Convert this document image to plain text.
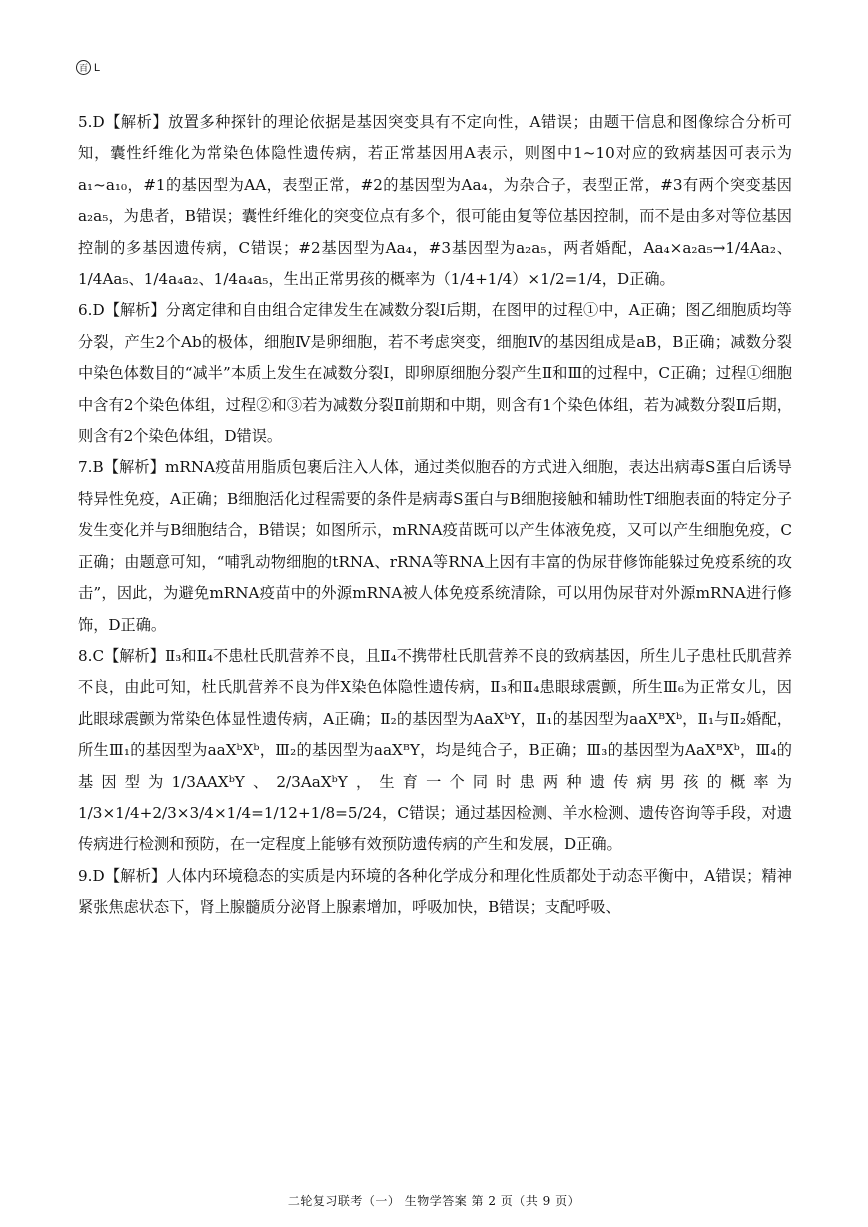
百 L

5.D【解析】放置多种探针的理论依据是基因突变具有不定向性，A错误；由题干信息和图像综合分析可知，囊性纤维化为常染色体隐性遗传病，若正常基因用A表示，则图中1~10对应的致病基因可表示为a₁~a₁₀，#1的基因型为AA，表型正常，#2的基因型为Aa₄，为杂合子，表型正常，#3有两个突变基因a₂a₅，为患者，B错误；囊性纤维化的突变位点有多个，很可能由复等位基因控制，而不是由多对等位基因控制的多基因遗传病，C错误；#2基因型为Aa₄，#3基因型为a₂a₅，两者婚配，Aa₄×a₂a₅→1/4Aa₂、1/4Aa₅、1/4a₄a₂、1/4a₄a₅，生出正常男孩的概率为（1/4+1/4）×1/2=1/4，D正确。

6.D【解析】分离定律和自由组合定律发生在减数分裂Ⅰ后期，在图甲的过程①中，A正确；图乙细胞质均等分裂，产生2个Ab的极体，细胞Ⅳ是卵细胞，若不考虑突变，细胞Ⅳ的基因组成是aB，B正确；减数分裂中染色体数目的“减半”本质上发生在减数分裂Ⅰ，即卵原细胞分裂产生Ⅱ和Ⅲ的过程中，C正确；过程①细胞中含有2个染色体组，过程②和③若为减数分裂Ⅱ前期和中期，则含有1个染色体组，若为减数分裂Ⅱ后期，则含有2个染色体组，D错误。

7.B【解析】mRNA疫苗用脂质包裹后注入人体，通过类似胞吞的方式进入细胞，表达出病毒S蛋白后诱导特异性免疫，A正确；B细胞活化过程需要的条件是病毒S蛋白与B细胞接触和辅助性T细胞表面的特定分子发生变化并与B细胞结合，B错误；如图所示，mRNA疫苗既可以产生体液免疫，又可以产生细胞免疫，C正确；由题意可知，“哺乳动物细胞的tRNA、rRNA等RNA上因有丰富的伪尿苷修饰能躲过免疫系统的攻击”，因此，为避免mRNA疫苗中的外源mRNA被人体免疫系统清除，可以用伪尿苷对外源mRNA进行修饰，D正确。

8.C【解析】Ⅱ₃和Ⅱ₄不患杜氏肌营养不良，且Ⅱ₄不携带杜氏肌营养不良的致病基因，所生儿子患杜氏肌营养不良，由此可知，杜氏肌营养不良为伴X染色体隐性遗传病，Ⅱ₃和Ⅱ₄患眼球震颤，所生Ⅲ₆为正常女儿，因此眼球震颤为常染色体显性遗传病，A正确；Ⅱ₂的基因型为AaXᵇY，Ⅱ₁的基因型为aaXᴮXᵇ，Ⅱ₁与Ⅱ₂婚配，所生Ⅲ₁的基因型为aaXᵇXᵇ，Ⅲ₂的基因型为aaXᴮY，均是纯合子，B正确；Ⅲ₃的基因型为AaXᴮXᵇ，Ⅲ₄的基因型为1/3AAXᵇY、2/3AaXᵇY，生育一个同时患两种遗传病男孩的概率为1/3×1/4+2/3×3/4×1/4=1/12+1/8=5/24，C错误；通过基因检测、羊水检测、遗传咨询等手段，对遗传病进行检测和预防，在一定程度上能够有效预防遗传病的产生和发展，D正确。

9.D【解析】人体内环境稳态的实质是内环境的各种化学成分和理化性质都处于动态平衡中，A错误；精神紧张焦虑状态下，肾上腺髓质分泌肾上腺素增加，呼吸加快，B错误；支配呼吸、

二轮复习联考（一） 生物学答案 第 2 页（共 9 页）
